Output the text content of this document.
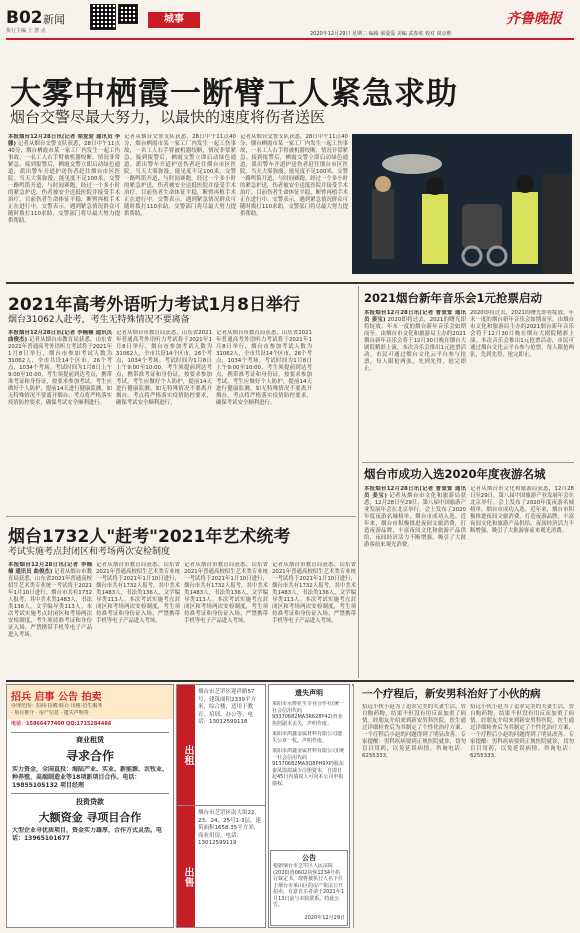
B02 新闻
执行主编 上 善 点
城事	齐鲁晚报
2020年12月29日 星期二 编辑 梁爱爱 美编 武春虎 校对 周京熙
大雾中栖霞一断臂工人紧急求助
烟台交警尽最大努力，以最快的速度将伤者送医
本报烟台12月28日讯(记者 梁爱爱 通讯员 李娜) 记者从烟台交警支队获悉，28日中午11点40分，烟台栖霞市某一家工厂内发生一起工伤事故，一名工人右手臂被机器绞断，情况非常紧急。接到报警后，栖霞交警立即启动绿色通道，派出警车开道护送伤者赶往烟台市区医院。当天大雾弥漫，能见度不足100米，交警一路鸣笛开道，与时间赛跑。经过一个多小时的紧急护送，伤者被安全送抵医院并接受手术治疗。目前伤者生命体征平稳，断臂再植手术正在进行中。交警表示，遇到紧急情况群众可随时拨打110求助，交警部门将尽最大努力提供帮助。
记者从烟台交警支队获悉，28日中午11点40分，烟台栖霞市某一家工厂内发生一起工伤事故，一名工人右手臂被机器绞断，情况非常紧急。接到报警后，栖霞交警立即启动绿色通道，派出警车开道护送伤者赶往烟台市区医院。当天大雾弥漫，能见度不足100米，交警一路鸣笛开道，与时间赛跑。经过一个多小时的紧急护送，伤者被安全送抵医院并接受手术治疗。目前伤者生命体征平稳，断臂再植手术正在进行中。交警表示，遇到紧急情况群众可随时拨打110求助，交警部门将尽最大努力提供帮助。
记者从烟台交警支队获悉，28日中午11点40分，烟台栖霞市某一家工厂内发生一起工伤事故，一名工人右手臂被机器绞断，情况非常紧急。接到报警后，栖霞交警立即启动绿色通道，派出警车开道护送伤者赶往烟台市区医院。当天大雾弥漫，能见度不足100米，交警一路鸣笛开道，与时间赛跑。经过一个多小时的紧急护送，伤者被安全送抵医院并接受手术治疗。目前伤者生命体征平稳，断臂再植手术正在进行中。交警表示，遇到紧急情况群众可随时拨打110求助，交警部门将尽最大努力提供帮助。
2021年高考外语听力考试1月8日举行
烟台31062人赴考，考生无特殊情况不要离备
本报烟台12月28日讯(记者 李楠楠 通讯员 曲俊杰) 记者从烟台市教育局获悉，山东省2021年普通高考外语听力考试将于2021年1月8日举行，烟台市参加考试人数为31062人，全市共设14个区市、26个考点，1034个考场。考试时间为1月8日上午9:00至10:00，考生须提前到达考点，携带准考证和身份证，按要求参加考试。考生应做好个人防护，提前14天进行健康监测，如无特殊情况不要离开烟台。考点将严格落实疫情防控要求，确保考试安全顺利进行。
记者从烟台市教育局获悉，山东省2021年普通高考外语听力考试将于2021年1月8日举行，烟台市参加考试人数为31062人，全市共设14个区市、26个考点，1034个考场。考试时间为1月8日上午9:00至10:00，考生须提前到达考点，携带准考证和身份证，按要求参加考试。考生应做好个人防护，提前14天进行健康监测，如无特殊情况不要离开烟台。考点将严格落实疫情防控要求，确保考试安全顺利进行。
记者从烟台市教育局获悉，山东省2021年普通高考外语听力考试将于2021年1月8日举行，烟台市参加考试人数为31062人，全市共设14个区市、26个考点，1034个考场。考试时间为1月8日上午9:00至10:00，考生须提前到达考点，携带准考证和身份证，按要求参加考试。考生应做好个人防护，提前14天进行健康监测，如无特殊情况不要离开烟台。考点将严格落实疫情防控要求，确保考试安全顺利进行。
烟台1732人"赶考"2021年艺术统考
考试实施考点封闭区和考场两次安检制度
本报烟台12月28日讯(记者 李楠楠 通讯员 曲俊杰) 记者从烟台市教育局获悉，山东省2021年普通高校招生艺术类专业统一考试将于2021年1月10日进行，烟台市共有1732人报考，其中美术类1483人，书法类136人，文学编导类113人。本次考试实施考点封闭区和考场两次安检制度，考生须持准考证和身份证入场，严禁携带手机等电子产品进入考场。
记者从烟台市教育局获悉，山东省2021年普通高校招生艺术类专业统一考试将于2021年1月10日进行，烟台市共有1732人报考，其中美术类1483人，书法类136人，文学编导类113人。本次考试实施考点封闭区和考场两次安检制度，考生须持准考证和身份证入场，严禁携带手机等电子产品进入考场。
记者从烟台市教育局获悉，山东省2021年普通高校招生艺术类专业统一考试将于2021年1月10日进行，烟台市共有1732人报考，其中美术类1483人，书法类136人，文学编导类113人。本次考试实施考点封闭区和考场两次安检制度，考生须持准考证和身份证入场，严禁携带手机等电子产品进入考场。
记者从烟台市教育局获悉，山东省2021年普通高校招生艺术类专业统一考试将于2021年1月10日进行，烟台市共有1732人报考，其中美术类1483人，书法类136人，文学编导类113人。本次考试实施考点封闭区和考场两次安检制度，考生须持准考证和身份证入场，严禁携带手机等电子产品进入考场。
2021烟台新年音乐会1元抢票启动
本报烟台12月28日讯(记者 曹萱萱 通讯员 姜宝) 2020即将过去，2021的曙光即将绽放。年末一度的烟台新年音乐会如期而至。由烟台市文化和旅游局主办的2021烟台新年音乐会将于12月30日晚在烟台大剧院精彩上演。本次音乐会推出1元抢票活动，市民可通过烟台文化云平台参与抢票，每人限抢两张，先到先得，抢完即止。
2020即将过去，2021的曙光即将绽放。年末一度的烟台新年音乐会如期而至。由烟台市文化和旅游局主办的2021烟台新年音乐会将于12月30日晚在烟台大剧院精彩上演。本次音乐会推出1元抢票活动，市民可通过烟台文化云平台参与抢票，每人限抢两张，先到先得，抢完即止。
烟台市成功入选2020年度夜游名城
本报烟台12月28日讯(记者 曹萱萱 通讯员 姜宝) 记者从烟台市文化和旅游局获悉，12月28日至29日，第八届中国旅游产业发展年会在北京举行。会上发布了2020年度夜游名城榜单，烟台市成功入选。近年来，烟台市积极推进夜间文旅消费，打造夜游品牌，丰富夜间文化和旅游产品供给，夜间经济活力不断增强，吸引了大批游客前来观光消费。
记者从烟台市文化和旅游局获悉，12月28日至29日，第八届中国旅游产业发展年会在北京举行。会上发布了2020年度夜游名城榜单，烟台市成功入选。近年来，烟台市积极推进夜间文旅消费，打造夜游品牌，丰富夜间文化和旅游产品供给，夜间经济活力不断增强，吸引了大批游客前来观光消费。
招兵 启事 公告 拍卖
办理范围：招商·招聘·转让·出租·招生服务
· 项目推介 · 房产信息 · 遗失声明等
电话：15866477400 QQ:1715284486
商业租赁
寻求合作
实力资金，全国直投：海陆产业、实业、新能源、农牧业、种养殖、高端制造业等18项新项目合作。电话：19855105132 项目经理
投资贷款
大额资金 寻项目合作
大型企业寻优质项目，资金实力雄厚，合作方式灵活。电话：13965101677
出租
烟台市芝罘区迎祥路57号，建筑面积2339平方米，综合楼，适用于教育、培训、办公等。电话：13012599118
出售
烟台市芝罘区南大街22、23、24、25号1-3层，建筑面积1658.35平方米，商业用房。电话：13012599119
遗失声明
莱阳市水橙花生专业合作社(统一社会信用代码93370682MA3R628Y42)营业执照副本丢失，声明作废。
莱阳市鸿鑫金属材料有限公司遗失公章一枚，声明作废。
莱阳市鸿鑫金属材料有限公司(统一社会信用代码91370682MA3Q8PH9XP)股东秦凤霞拟减少注册资本，自即日起45日内债权人可向本公司申报债权。
一个疗程后，新安男科治好了小伙的病
招远小伙小赵为了追求完美的夫妻生活，曾自购药物，结果不但没有用反而加重了病情。经朋友介绍来到新安男科医院，医生通过详细检查后为其制定了个性化治疗方案，一个疗程后小赵的问题得到了明显改善。专家提醒：男科疾病要到正规医院就诊，切勿盲目用药，以免延误病情。咨询电话：6255333。
招远小伙小赵为了追求完美的夫妻生活，曾自购药物，结果不但没有用反而加重了病情。经朋友介绍来到新安男科医院，医生通过详细检查后为其制定了个性化治疗方案，一个疗程后小赵的问题得到了明显改善。专家提醒：男科疾病要到正规医院就诊，切勿盲目用药，以免延误病情。咨询电话：6255333。
公告
根据烟台市芝罘区人民法院(2020)鲁0602执恢1234号执行裁定书，现将被执行人名下位于烟台市莱山区的房产依法公开拍卖，有意竞买者请于2021年1月13日前与本院联系。特此公告。
2020年12月29日
